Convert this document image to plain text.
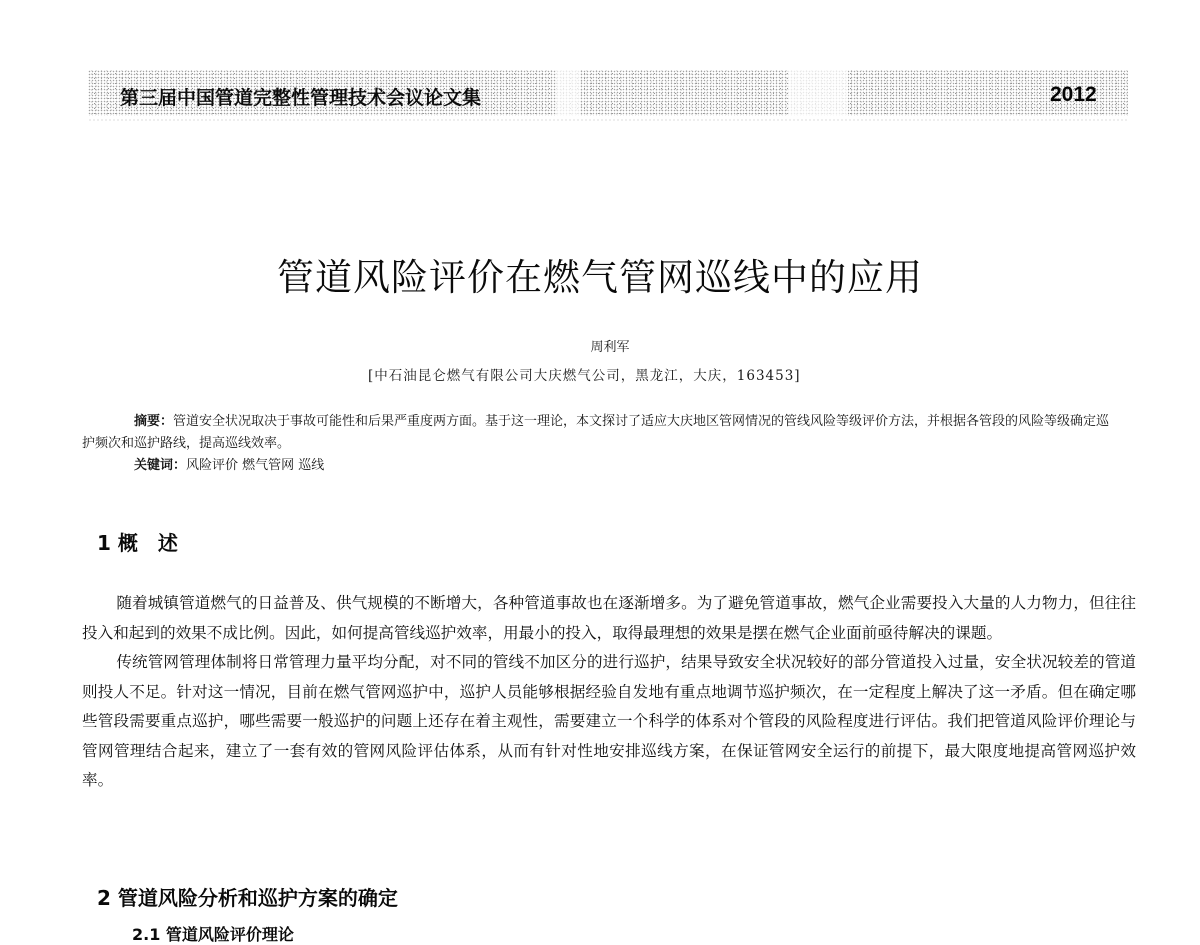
第三届中国管道完整性管理技术会议论文集	2012
管道风险评价在燃气管网巡线中的应用
周利军
[中石油昆仑燃气有限公司大庆燃气公司，黑龙江，大庆，163453]

摘要：管道安全状况取决于事故可能性和后果严重度两方面。基于这一理论，本文探讨了适应大庆地区管网情况的管线风险等级评价方法，并根据各管段的风险等级确定巡护频次和巡护路线，提高巡线效率。

关键词：风险评价 燃气管网 巡线

1 概　述

随着城镇管道燃气的日益普及、供气规模的不断增大，各种管道事故也在逐渐增多。为了避免管道事故，燃气企业需要投入大量的人力物力，但往往投入和起到的效果不成比例。因此，如何提高管线巡护效率，用最小的投入，取得最理想的效果是摆在燃气企业面前亟待解决的课题。

传统管网管理体制将日常管理力量平均分配，对不同的管线不加区分的进行巡护，结果导致安全状况较好的部分管道投入过量，安全状况较差的管道则投人不足。针对这一情况，目前在燃气管网巡护中，巡护人员能够根据经验自发地有重点地调节巡护频次，在一定程度上解决了这一矛盾。但在确定哪些管段需要重点巡护，哪些需要一般巡护的问题上还存在着主观性，需要建立一个科学的体系对个管段的风险程度进行评估。我们把管道风险评价理论与管网管理结合起来，建立了一套有效的管网风险评估体系，从而有针对性地安排巡线方案，在保证管网安全运行的前提下，最大限度地提高管网巡护效率。

2 管道风险分析和巡护方案的确定
2.1 管道风险评价理论
